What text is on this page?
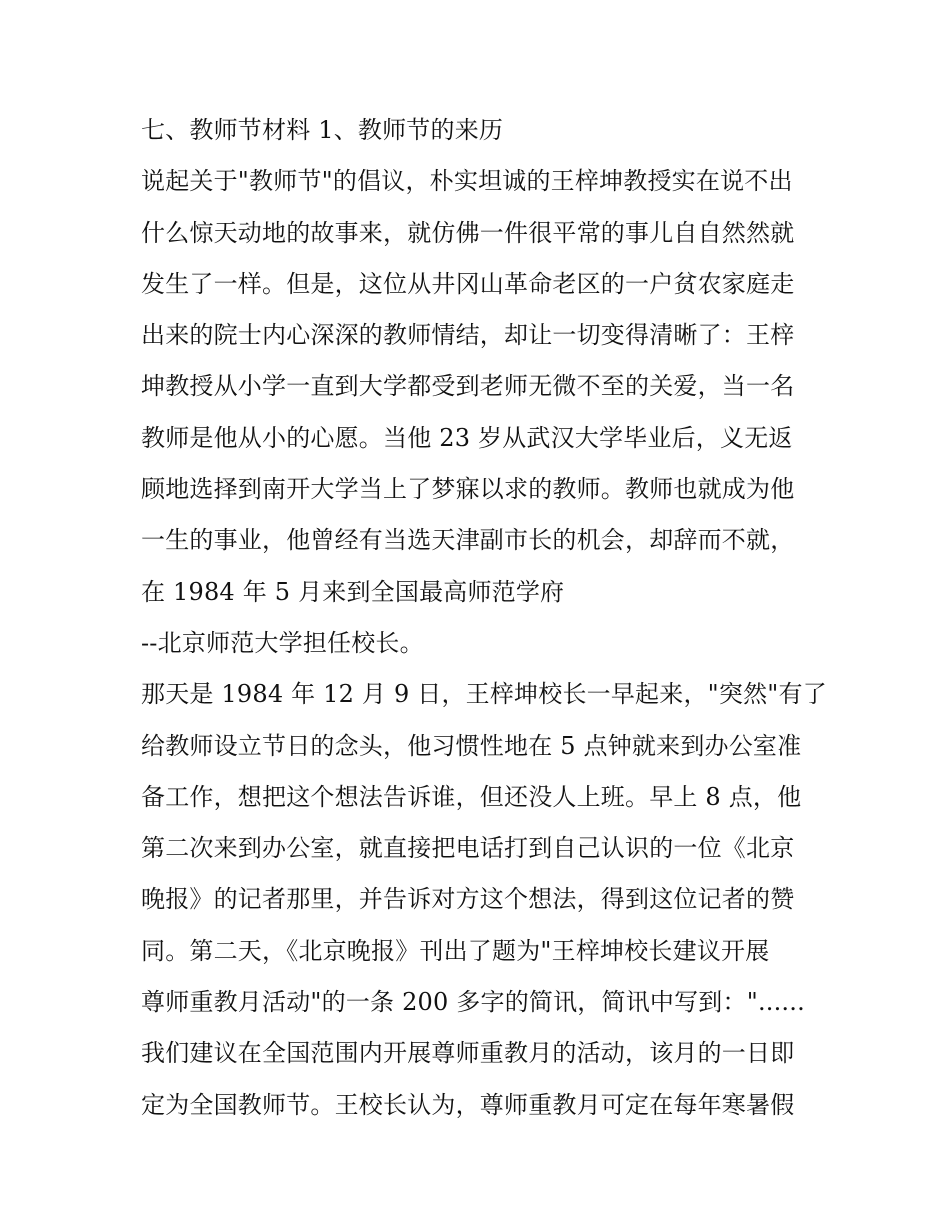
七、教师节材料 1、教师节的来历
说起关于"教师节"的倡议，朴实坦诚的王梓坤教授实在说不出
什么惊天动地的故事来，就仿佛一件很平常的事儿自自然然就
发生了一样。但是，这位从井冈山革命老区的一户贫农家庭走
出来的院士内心深深的教师情结，却让一切变得清晰了：王梓
坤教授从小学一直到大学都受到老师无微不至的关爱，当一名
教师是他从小的心愿。当他 23 岁从武汉大学毕业后，义无返
顾地选择到南开大学当上了梦寐以求的教师。教师也就成为他
一生的事业，他曾经有当选天津副市长的机会，却辞而不就，
在 1984 年 5 月来到全国最高师范学府
--北京师范大学担任校长。
那天是 1984 年 12 月 9 日，王梓坤校长一早起来，"突然"有了
给教师设立节日的念头，他习惯性地在 5 点钟就来到办公室准
备工作，想把这个想法告诉谁，但还没人上班。早上 8 点，他
第二次来到办公室，就直接把电话打到自己认识的一位《北京
晚报》的记者那里，并告诉对方这个想法，得到这位记者的赞
同。第二天，《北京晚报》刊出了题为"王梓坤校长建议开展
尊师重教月活动"的一条 200 多字的简讯，简讯中写到："......
我们建议在全国范围内开展尊师重教月的活动，该月的一日即
定为全国教师节。王校长认为，尊师重教月可定在每年寒暑假
